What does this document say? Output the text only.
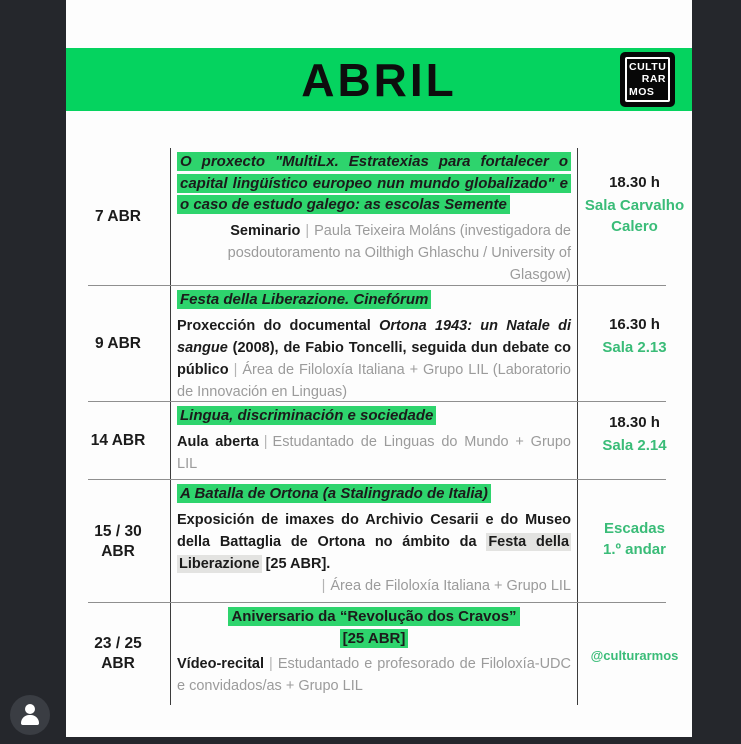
ABRIL	CULTU
RAR
MOS
7 ABR

O proxecto "MultiLx. Estratexias para fortalecer o capital lingüístico europeo nun mundo globalizado" e o caso de estudo galego: as escolas Semente

Seminario | Paula Teixeira Moláns (investigadora de posdoutoramento na Oilthigh Ghlaschu / University of Glasgow)

18.30 h
Sala Carvalho Calero
9 ABR

Festa della Liberazione. Cinefórum

Proxección do documental Ortona 1943: un Natale di sangue (2008), de Fabio Toncelli, seguida dun debate co público | Área de Filoloxía Italiana + Grupo LIL (Laboratorio de Innovación en Linguas)

16.30 h
Sala 2.13
14 ABR

Lingua, discriminación e sociedade

Aula aberta | Estudantado de Linguas do Mundo + Grupo LIL

18.30 h
Sala 2.14
15 / 30
ABR

A Batalla de Ortona (a Stalingrado de Italia)

Exposición de imaxes do Archivio Cesarii e do Museo della Battaglia de Ortona no ámbito da Festa della Liberazione [25 ABR].

| Área de Filoloxía Italiana + Grupo LIL

Escadas
1.º andar
23 / 25
ABR

Aniversario da “Revolução dos Cravos”
[25 ABR]

Vídeo-recital | Estudantado e profesorado de Filoloxía-UDC e convidados/as + Grupo LIL

@culturarmos
